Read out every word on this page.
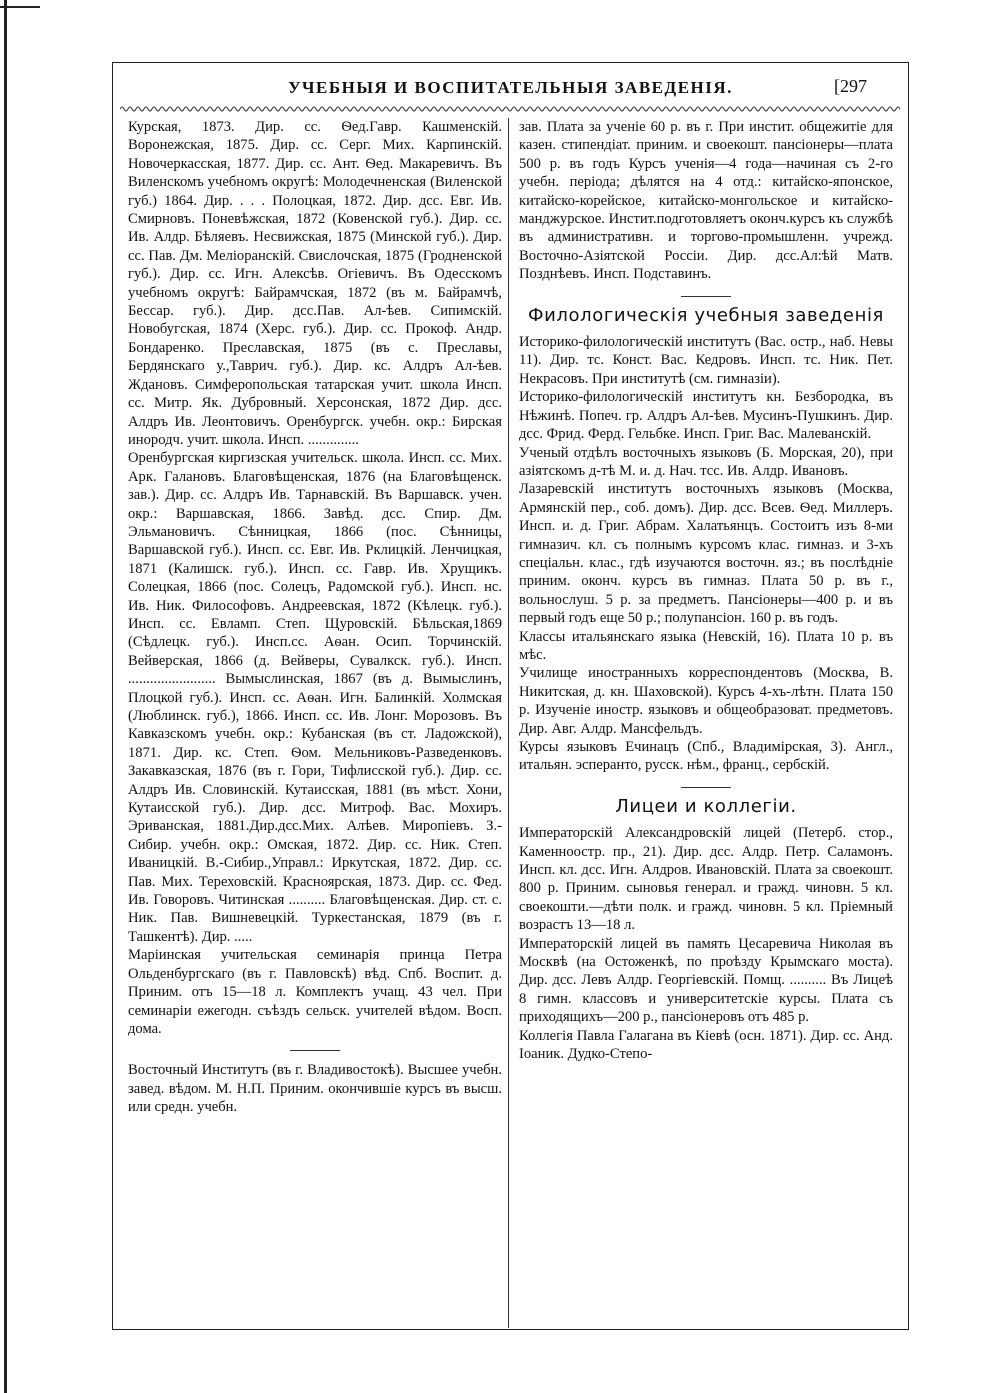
УЧЕБНЫЯ И ВОСПИТАТЕЛЬНЫЯ ЗАВЕДЕНІЯ.	[297

Курская, 1873. Дир. сс. Ѳед.Гавр. Кашменскій. Воронежская, 1875. Дир. сс. Серг. Мих. Карпинскій. Новочеркасская, 1877. Дир. сс. Ант. Ѳед. Макаревичъ. Въ Виленскомъ учебномъ округѣ: Молодечненская (Виленской губ.) 1864. Дир. . . . Полоцкая, 1872. Дир. дсс. Евг. Ив. Смирновъ. Поневѣжская, 1872 (Ковенской губ.). Дир. сс. Ив. Алдр. Бѣляевъ. Несвижская, 1875 (Минской губ.). Дир. сс. Пав. Дм. Меліоранскій. Свислочская, 1875 (Гродненской губ.). Дир. сс. Игн. Алексѣв. Огіевичъ. Въ Одесскомъ учебномъ округѣ: Байрамчская, 1872 (въ м. Байрамчѣ, Бессар. губ.). Дир. дсс.Пав. Ал-ѣев. Сипимскій. Новобугская, 1874 (Херс. губ.). Дир. сс. Прокоф. Андр. Бондаренко. Преславская, 1875 (въ с. Преславы, Бердянскаго у.,Таврич. губ.). Дир. кс. Алдръ Ал-ѣев. Ждановъ. Симферопольская татарская учит. школа Инсп. сс. Митр. Як. Дубровный. Херсонская, 1872 Дир. дсс. Алдръ Ив. Леонтовичъ. Оренбургск. учебн. окр.: Бирская инородч. учит. школа. Инсп. ..............

Оренбургская киргизская учительск. школа. Инсп. сс. Мих. Арк. Галановъ. Благовѣщенская, 1876 (на Благовѣщенск. зав.). Дир. сс. Алдръ Ив. Тарнавскій. Въ Варшавск. учен. окр.: Варшавская, 1866. Завѣд. дсс. Спир. Дм. Эльмановичъ. Сѣнницкая, 1866 (пос. Сѣнницы, Варшавской губ.). Инсп. сс. Евг. Ив. Рклицкій. Ленчицкая, 1871 (Калишск. губ.). Инсп. сс. Гавр. Ив. Хрущикъ. Солецкая, 1866 (пос. Солецъ, Радомской губ.). Инсп. нс. Ив. Ник. Философовъ. Андреевская, 1872 (Кѣлецк. губ.). Инсп. сс. Евламп. Степ. Щуровскій. Бѣльская,1869 (Сѣдлецк. губ.). Инсп.сс. Аѳан. Осип. Торчинскій. Вейверская, 1866 (д. Вейверы, Сувалкск. губ.). Инсп. ........................ Вымыслинская, 1867 (въ д. Вымыслинъ, Плоцкой губ.). Инсп. сс. Аѳан. Игн. Балинкій. Холмская (Люблинск. губ.), 1866. Инсп. сс. Ив. Лонг. Морозовъ. Въ Кавказскомъ учебн. окр.: Кубанская (въ ст. Ладожской), 1871. Дир. кс. Степ. Ѳом. Мельниковъ-Разведенковъ. Закавказская, 1876 (въ г. Гори, Тифлисской губ.). Дир. сс. Алдръ Ив. Словинскій. Кутаисская, 1881 (въ мѣст. Хони, Кутаисской губ.). Дир. дсс. Митроф. Вас. Мохиръ. Эриванская, 1881.Дир.дсс.Мих. Алѣев. Миропіевъ. З.-Сибир. учебн. окр.: Омская, 1872. Дир. сс. Ник. Степ. Иваницкій. В.-Сибир.,Управл.: Иркутская, 1872. Дир. сс. Пав. Мих. Тереховскій. Красноярская, 1873. Дир. сс. Фед. Ив. Говоровъ. Читинская .......... Благовѣщенская. Дир. ст. с. Ник. Пав. Вишневецкій. Туркестанская, 1879 (въ г. Ташкентѣ). Дир. .....

Маріинская учительская семинарія принца Петра Ольденбургскаго (въ г. Павловскѣ) вѣд. Спб. Воспит. д. Приним. отъ 15—18 л. Комплектъ учащ. 43 чел. При семинаріи ежегодн. съѣздъ сельск. учителей вѣдом. Восп. дома.

Восточный Институтъ (въ г. Владивостокѣ). Высшее учебн. завед. вѣдом. М. Н.П. Приним. окончившіе курсъ въ высш. или средн. учебн.

зав. Плата за ученіе 60 р. въ г. При инстит. общежитіе для казен. стипендіат. приним. и своекошт. пансіонеры—плата 500 р. въ годъ Курсъ ученія—4 года—начиная съ 2-го учебн. періода; дѣлятся на 4 отд.: китайско-японское, китайско-корейское, китайско-монгольское и китайско-манджурское. Инстит.подготовляетъ оконч.курсъ къ службѣ въ административн. и торгово-промышленн. учрежд. Восточно-Азіятской Россіи. Дир. дсс.Ал:ѣй Матв. Позднѣевъ. Инсп. Подставинъ.

Филологическія учебныя заведенія

Историко-филологическій институтъ (Вас. остр., наб. Невы 11). Дир. тс. Конст. Вас. Кедровъ. Инсп. тс. Ник. Пет. Некрасовъ. При институтѣ (см. гимназіи).

Историко-филологическій институтъ кн. Безбородка, въ Нѣжинѣ. Попеч. гр. Алдръ Ал-ѣев. Мусинъ-Пушкинъ. Дир. дсс. Фрид. Ферд. Гельбке. Инсп. Григ. Вас. Малеванскій.

Ученый отдѣлъ восточныхъ языковъ (Б. Морская, 20), при азіятскомъ д-тѣ М. и. д. Нач. тсс. Ив. Алдр. Ивановъ.

Лазаревскій институтъ восточныхъ языковъ (Москва, Армянскій пер., соб. домъ). Дир. дсс. Всев. Ѳед. Миллеръ. Инсп. и. д. Григ. Абрам. Халатьянцъ. Состоитъ изъ 8-ми гимназич. кл. съ полнымъ курсомъ клас. гимназ. и 3-хъ спеціальн. клас., гдѣ изучаются восточн. яз.; въ послѣдніе приним. оконч. курсъ въ гимназ. Плата 50 р. въ г., вольнослуш. 5 р. за предметъ. Пансіонеры—400 р. и въ первый годъ еще 50 р.; полупансіон. 160 р. въ годъ.

Классы итальянскаго языка (Невскій, 16). Плата 10 р. въ мѣс.

Училище иностранныхъ корреспондентовъ (Москва, В. Никитская, д. кн. Шаховской). Курсъ 4-хъ-лѣтн. Плата 150 р. Изученіе иностр. языковъ и общеобразоват. предметовъ. Дир. Авг. Алдр. Мансфельдъ.

Курсы языковъ Ечинацъ (Спб., Владимірская, 3). Англ., итальян. эсперанто, русск. нѣм., франц., сербскій.

Лицеи и коллегіи.

Императорскій Александровскій лицей (Петерб. стор., Каменноостр. пр., 21). Дир. дсс. Алдр. Петр. Саламонъ. Инсп. кл. дсс. Игн. Алдров. Ивановскій. Плата за своекошт. 800 р. Приним. сыновья генерал. и гражд. чиновн. 5 кл. своекошти.—дѣти полк. и гражд. чиновн. 5 кл. Пріемный возрастъ 13—18 л.

Императорскій лицей въ память Цесаревича Николая въ Москвѣ (на Остоженкѣ, по проѣзду Крымскаго моста). Дир. дсс. Левъ Алдр. Георгіевскій. Помщ. .......... Въ Лицеѣ 8 гимн. классовъ и университетскіе курсы. Плата съ приходящихъ—200 р., пансіонеровъ отъ 485 р.

Коллегія Павла Галагана въ Кіевѣ (осн. 1871). Дир. сс. Анд. Іоаник. Дудко-Степо-
